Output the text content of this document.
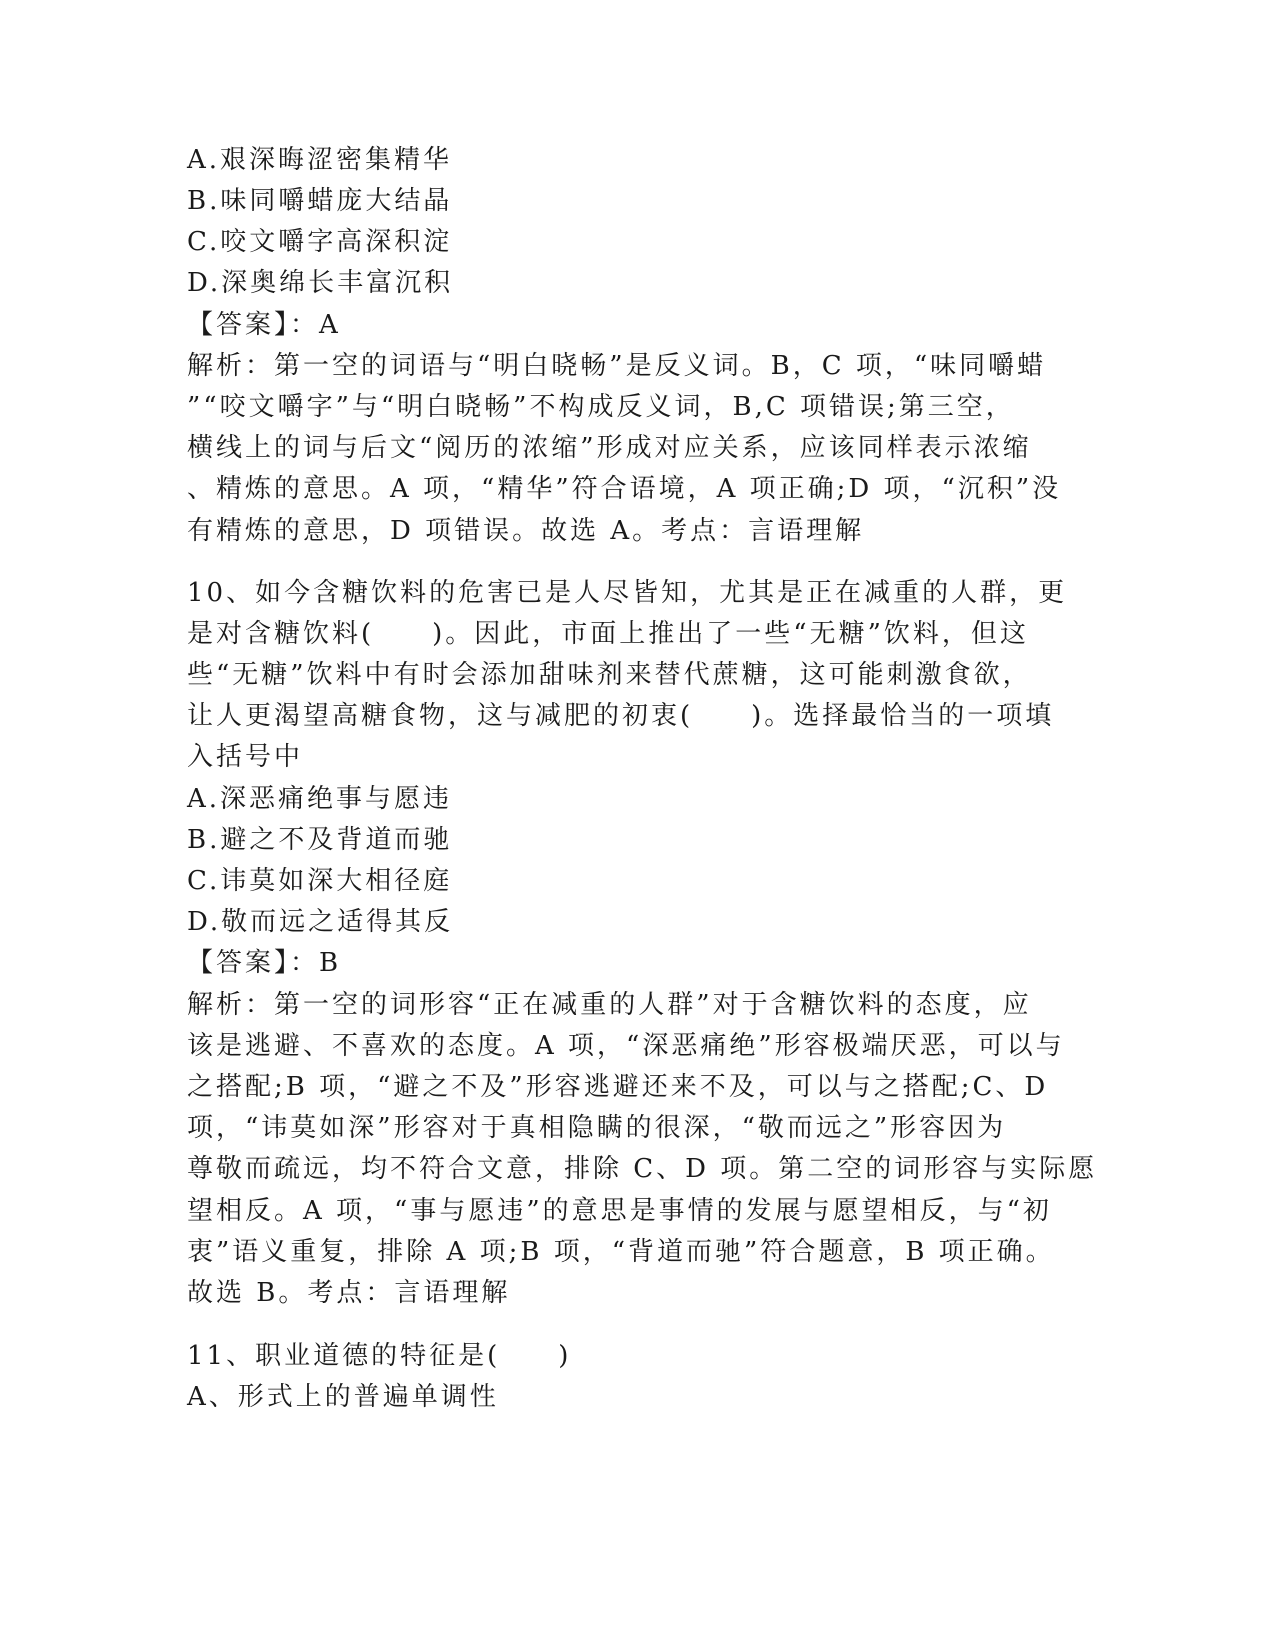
A.艰深晦涩密集精华
B.味同嚼蜡庞大结晶
C.咬文嚼字高深积淀
D.深奥绵长丰富沉积
【答案】：A
解析：第一空的词语与“明白晓畅”是反义词。B，C 项，“味同嚼蜡
”“咬文嚼字”与“明白晓畅”不构成反义词，B,C 项错误;第三空，
横线上的词与后文“阅历的浓缩”形成对应关系，应该同样表示浓缩
、精炼的意思。A 项，“精华”符合语境，A 项正确;D 项，“沉积”没
有精炼的意思，D 项错误。故选 A。考点：言语理解
10、如今含糖饮料的危害已是人尽皆知，尤其是正在减重的人群，更
是对含糖饮料(　　)。因此，市面上推出了一些“无糖”饮料，但这
些“无糖”饮料中有时会添加甜味剂来替代蔗糖，这可能刺激食欲，
让人更渴望高糖食物，这与减肥的初衷(　　)。选择最恰当的一项填
入括号中
A.深恶痛绝事与愿违
B.避之不及背道而驰
C.讳莫如深大相径庭
D.敬而远之适得其反
【答案】：B
解析：第一空的词形容“正在减重的人群”对于含糖饮料的态度，应
该是逃避、不喜欢的态度。A 项，“深恶痛绝”形容极端厌恶，可以与
之搭配;B 项，“避之不及”形容逃避还来不及，可以与之搭配;C、D
项，“讳莫如深”形容对于真相隐瞒的很深，“敬而远之”形容因为
尊敬而疏远，均不符合文意，排除 C、D 项。第二空的词形容与实际愿
望相反。A 项，“事与愿违”的意思是事情的发展与愿望相反，与“初
衷”语义重复，排除 A 项;B 项，“背道而驰”符合题意，B 项正确。
故选 B。考点：言语理解
11、职业道德的特征是(　　)
A、形式上的普遍单调性
